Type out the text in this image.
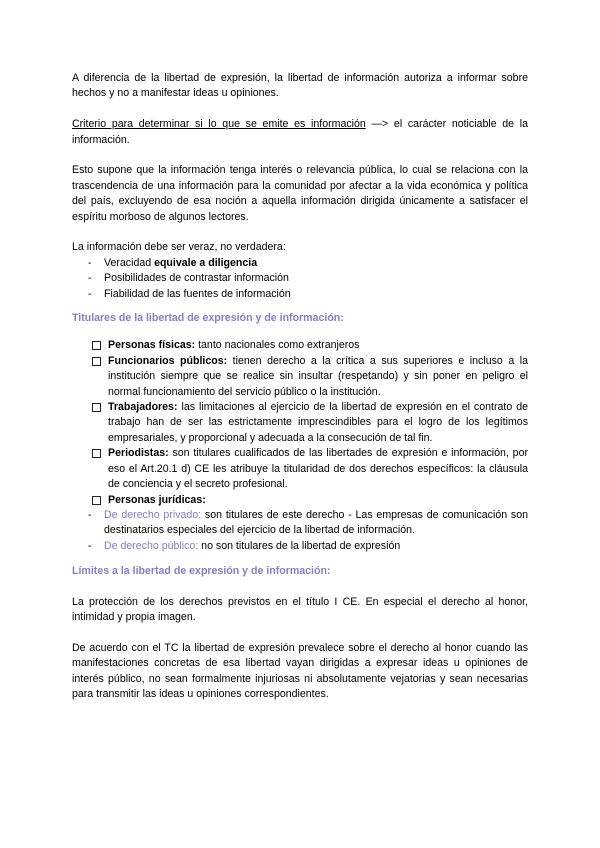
A diferencia de la libertad de expresión, la libertad de información autoriza a informar sobre hechos y no a manifestar ideas u opiniones.

Criterio para determinar si lo que se emite es información —> el carácter noticiable de la información.

Esto supone que la información tenga interés o relevancia pública, lo cual se relaciona con la trascendencia de una información para la comunidad por afectar a la vida económica y política del país, excluyendo de esa noción a aquella información dirigida únicamente a satisfacer el espíritu morboso de algunos lectores.

La información debe ser veraz, no verdadera:

- Veracidad equivale a diligencia
- Posibilidades de contrastar información
- Fiabilidad de las fuentes de información

Titulares de la libertad de expresión y de información:

Personas físicas: tanto nacionales como extranjeros
Funcionarios públicos: tienen derecho a la crítica a sus superiores e incluso a la institución siempre que se realice sin insultar (respetando) y sin poner en peligro el normal funcionamiento del servicio público o la institución.
Trabajadores: las limitaciones al ejercicio de la libertad de expresión en el contrato de trabajo han de ser las estrictamente imprescindibles para el logro de los legítimos empresariales, y proporcional y adecuada a la consecución de tal fin.
Periodistas: son titulares cualificados de las libertades de expresión e información, por eso el Art.20.1 d) CE les atribuye la titularidad de dos derechos específicos: la cláusula de conciencia y el secreto profesional.
Personas jurídicas:
- De derecho privado: son titulares de este derecho - Las empresas de comunicación son destinatarios especiales del ejercicio de la libertad de información.
- De derecho público: no son titulares de la libertad de expresión

Límites a la libertad de expresión y de información:

La protección de los derechos previstos en el título I CE. En especial el derecho al honor, intimidad y propia imagen.

De acuerdo con el TC la libertad de expresión prevalece sobre el derecho al honor cuando las manifestaciones concretas de esa libertad vayan dirigidas a expresar ideas u opiniones de interés público, no sean formalmente injuriosas ni absolutamente vejatorias y sean necesarias para transmitir las ideas u opiniones correspondientes.
